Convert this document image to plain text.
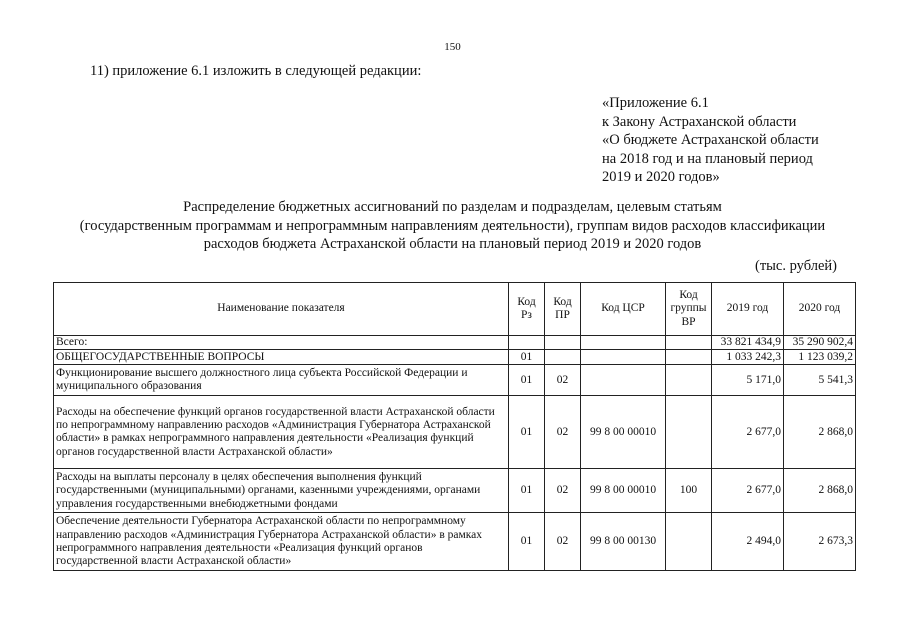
150
11) приложение 6.1 изложить в следующей редакции:
«Приложение 6.1
к Закону Астраханской области
«О бюджете Астраханской области
на 2018 год и на плановый период
2019 и 2020 годов»
Распределение бюджетных ассигнований по разделам и подразделам, целевым статьям
(государственным программам и непрограммным направлениям деятельности), группам видов расходов классификации
расходов бюджета Астраханской области на плановый период 2019 и 2020 годов
(тыс. рублей)
Наименование показателя	Код Рз	Код ПР	Код ЦСР	Код группы ВР	2019 год	2020 год
Всего:					33 821 434,9	35 290 902,4
ОБЩЕГОСУДАРСТВЕННЫЕ ВОПРОСЫ	01				1 033 242,3	1 123 039,2
Функционирование высшего должностного лица субъекта Российской Федерации и муниципального образования	01	02			5 171,0	5 541,3
Расходы на обеспечение функций органов государственной власти Астраханской области по непрограммному направлению расходов «Администрация Губернатора Астраханской области» в рамках непрограммного направления деятельности «Реализация функций органов государственной власти Астраханской области»	01	02	99 8 00 00010		2 677,0	2 868,0
Расходы на выплаты персоналу в целях обеспечения выполнения функций государственными (муниципальными) органами, казенными учреждениями, органами управления государственными внебюджетными фондами	01	02	99 8 00 00010	100	2 677,0	2 868,0
Обеспечение деятельности Губернатора Астраханской области по непрограммному направлению расходов «Администрация Губернатора Астраханской области» в рамках непрограммного направления деятельности «Реализация функций органов государственной власти Астраханской области»	01	02	99 8 00 00130		2 494,0	2 673,3
